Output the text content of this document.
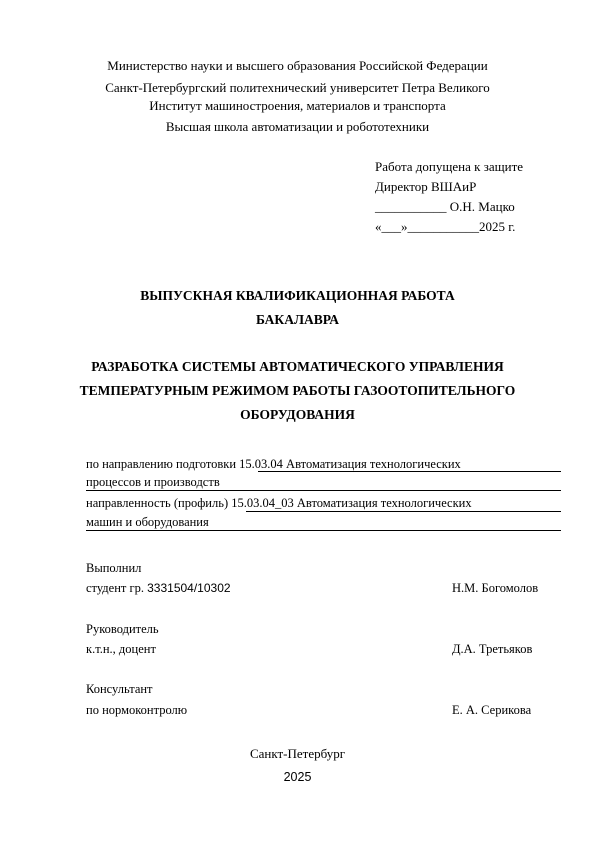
Министерство науки и высшего образования Российской Федерации
Санкт-Петербургский политехнический университет Петра Великого
Институт машиностроения, материалов и транспорта
Высшая школа автоматизации и робототехники
Работа допущена к защите
Директор ВШАиР
___________ О.Н. Мацко
«___»___________2025 г.
ВЫПУСКНАЯ КВАЛИФИКАЦИОННАЯ РАБОТА
БАКАЛАВРА
РАЗРАБОТКА СИСТЕМЫ АВТОМАТИЧЕСКОГО УПРАВЛЕНИЯ
ТЕМПЕРАТУРНЫМ РЕЖИМОМ РАБОТЫ ГАЗООТОПИТЕЛЬНОГО
ОБОРУДОВАНИЯ
по направлению подготовки 15.03.04 Автоматизация технологических
процессов и производств
направленность (профиль) 15.03.04_03 Автоматизация технологических
машин и оборудования
Выполнил
студент гр. 3331504/10302	Н.М. Богомолов
Руководитель
к.т.н., доцент	Д.А. Третьяков
Консультант
по нормоконтролю	Е. А. Серикова
Санкт-Петербург
2025
